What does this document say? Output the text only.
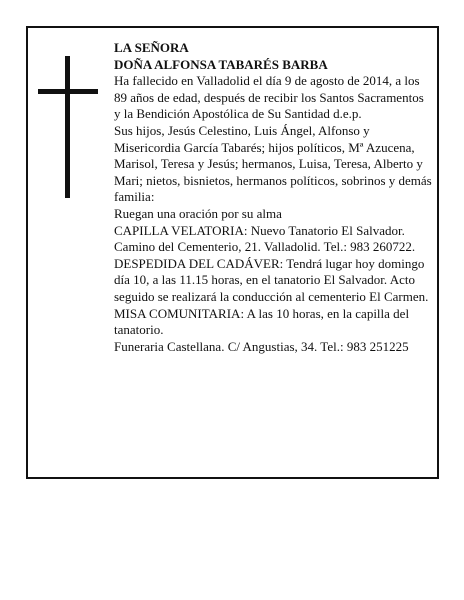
LA SEÑORA

DOÑA ALFONSA TABARÉS BARBA

Ha fallecido en Valladolid el día 9 de agosto de 2014, a los 89 años de edad, después de recibir los Santos Sacramentos y la Bendición Apostólica de Su Santidad d.e.p.

Sus hijos, Jesús Celestino, Luis Ángel, Alfonso y Misericordia García Tabarés; hijos políticos, Mª Azucena, Marisol, Teresa y Jesús; hermanos, Luisa, Teresa, Alberto y Mari; nietos, bisnietos, hermanos políticos, sobrinos y demás familia:

Ruegan una oración por su alma

CAPILLA VELATORIA: Nuevo Tanatorio El Salvador. Camino del Cementerio, 21. Valladolid. Tel.: 983 260722.

DESPEDIDA DEL CADÁVER: Tendrá lugar hoy domingo día 10, a las 11.15 horas, en el tanatorio El Salvador. Acto seguido se realizará la conducción al cementerio El Carmen.

MISA COMUNITARIA: A las 10 horas, en la capilla del tanatorio.

Funeraria Castellana. C/ Angustias, 34. Tel.: 983 251225
